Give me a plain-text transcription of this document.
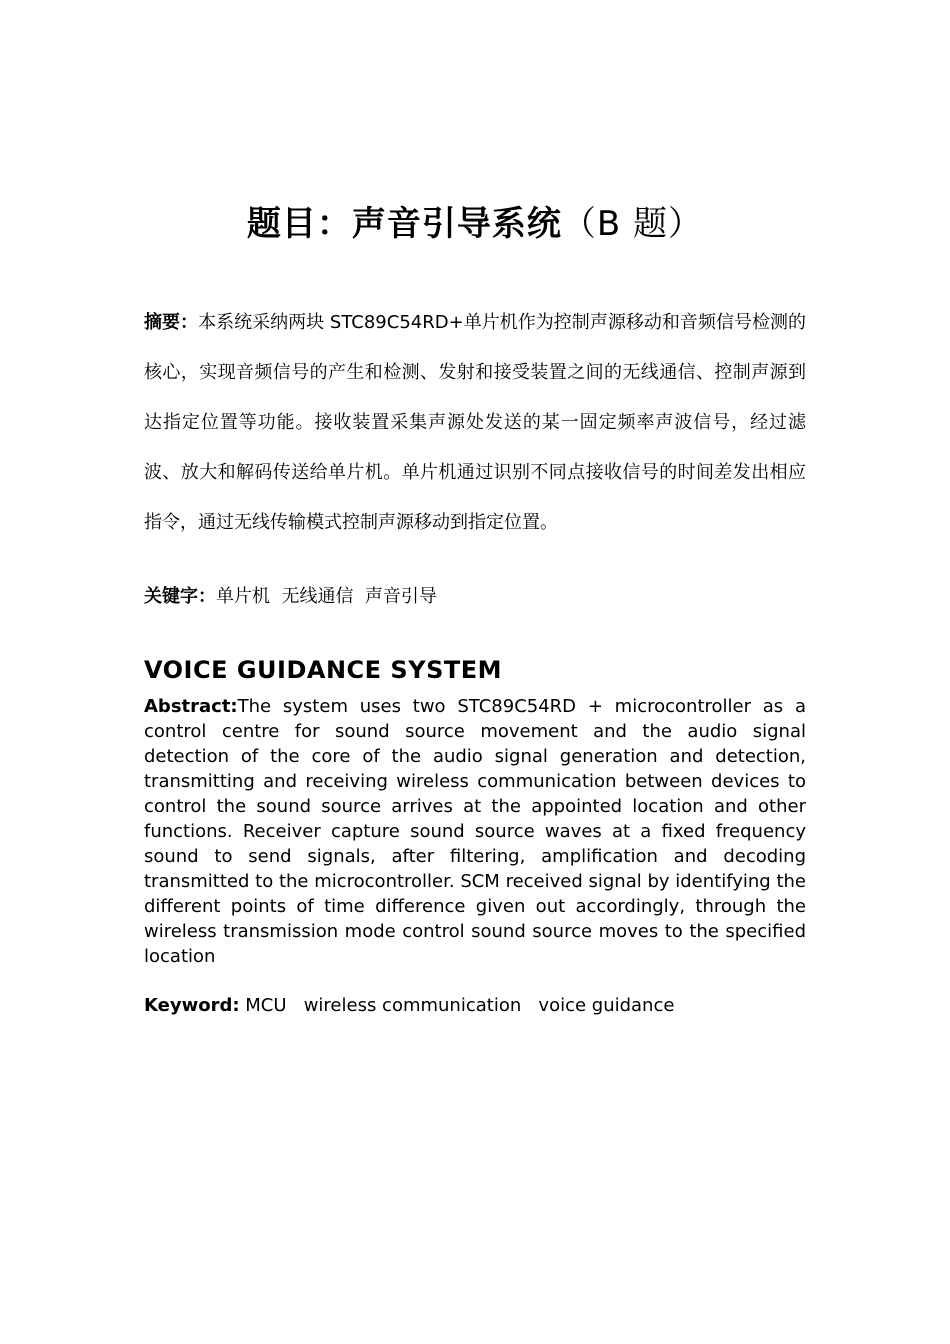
题目：声音引导系统（B 题）
摘要：本系统采纳两块 STC89C54RD+单片机作为控制声源移动和音频信号检测的核心，实现音频信号的产生和检测、发射和接受装置之间的无线通信、控制声源到达指定位置等功能。接收装置采集声源处发送的某一固定频率声波信号，经过滤波、放大和解码传送给单片机。单片机通过识别不同点接收信号的时间差发出相应指令，通过无线传输模式控制声源移动到指定位置。
关键字：单片机  无线通信  声音引导
VOICE GUIDANCE SYSTEM
Abstract:The system uses two STC89C54RD + microcontroller as a control centre for sound source movement and the audio signal detection of the core of the audio signal generation and detection, transmitting and receiving wireless communication between devices to control the sound source arrives at the appointed location and other functions. Receiver capture sound source waves at a fixed frequency sound to send signals, after filtering, amplification and decoding transmitted to the microcontroller. SCM received signal by identifying the different points of time difference given out accordingly, through the wireless transmission mode control sound source moves to the specified location
Keyword: MCU   wireless communication   voice guidance
